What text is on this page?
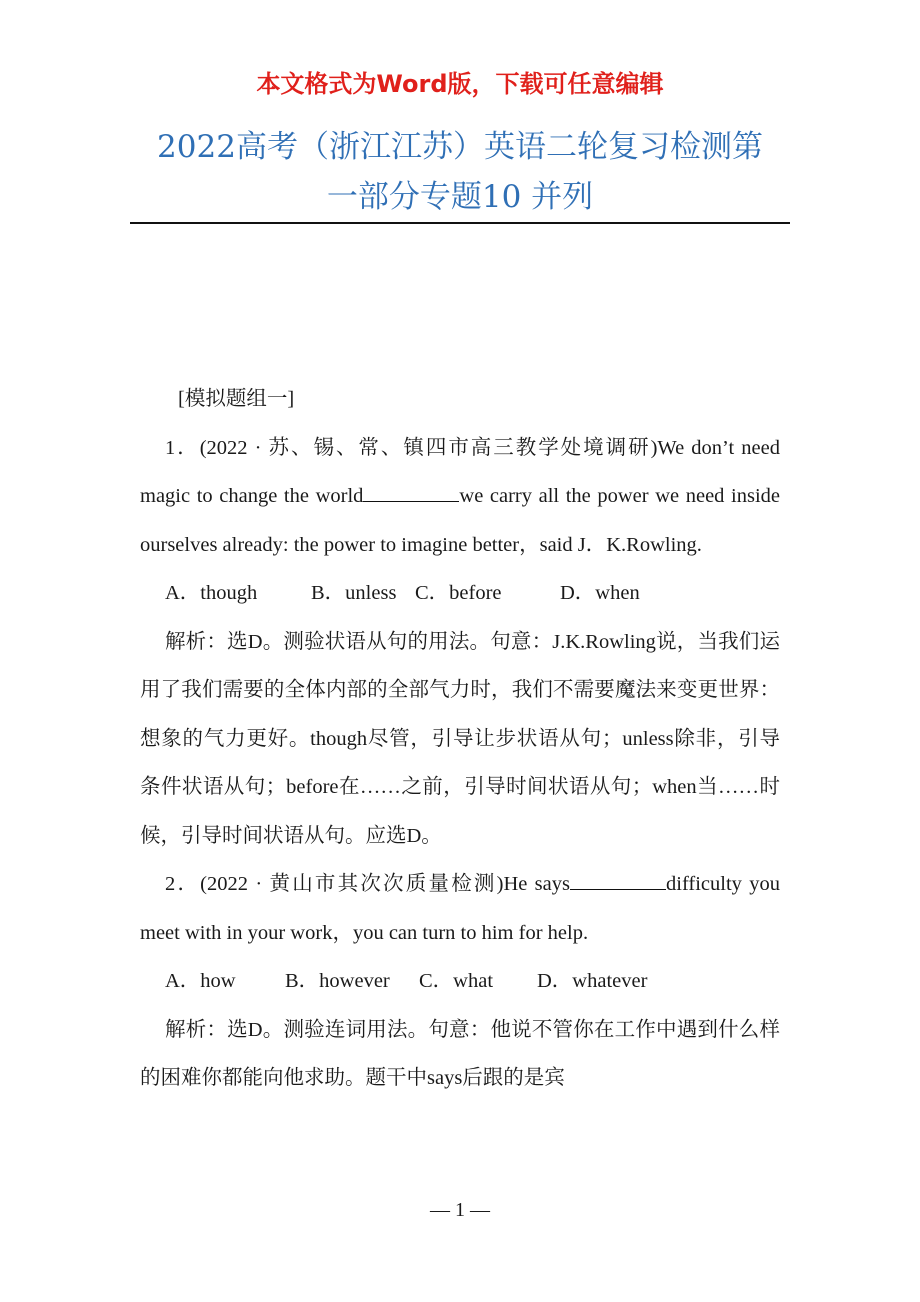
本文格式为Word版，下载可任意编辑
2022高考（浙江江苏）英语二轮复习检测第
一部分专题10 并列

[模拟题组一]

1．(2022 · 苏、锡、常、镇四市高三教学处境调研)We don’t need magic to change the world	we carry all the power we need inside ourselves already: the power to imagine better，said J．K.Rowling.

A．though	B．unless C．before	D．when

解析：选D。测验状语从句的用法。句意：J.K.Rowling说，当我们运用了我们需要的全体内部的全部气力时，我们不需要魔法来变更世界：想象的气力更好。though尽管，引导让步状语从句；unless除非，引导条件状语从句；before在……之前，引导时间状语从句；when当……时候，引导时间状语从句。应选D。

2．(2022 · 黄山市其次次质量检测)He says	difficulty you meet with in your work，you can turn to him for help.

A．how B．however C．what D．whatever

解析：选D。测验连词用法。句意：他说不管你在工作中遇到什么样的困难你都能向他求助。题干中says后跟的是宾

— 1 —
